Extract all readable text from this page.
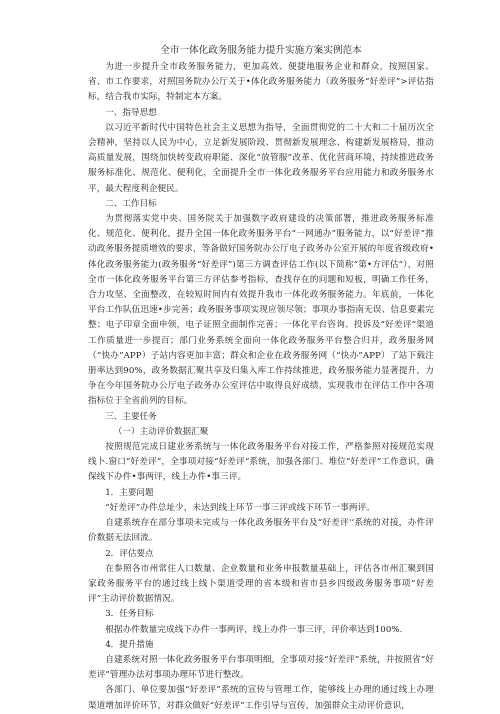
全市一体化政务服务能力提升实施方案实例范本

为进一步提升全市政务服务能力，更加高效、便捷地服务企业和群众，按照国家、省、市工作要求，对照国务院办公厅关于•体化政务服务能力（政务服务“好差评”>评估指标，结合我市实际，特制定本方案。

一、指导思想

以习近平新时代中国特色社会主义思想为指导，全面贯彻党的二十大和二十届历次全会精神，坚持以人民为中心，立足新发展阶段、贯彻新发展理念、构建新发展格局，推动高质量发展，围绕加快转变政府职能、深化“放管服”改革、优化营商环境，持续推进政务服务标准化、规范化、便利化，全面提升全市一体化政务服务平台应用能力和政务服务水平，最大程度利企便民。

二、工作目标

为贯彻落实党中央、国务院关于加强数字政府建设的决策部署，推进政务服务标准化、规范化、便利化，提升全国一体化政务服务平台“一网通办”服务能力，以“好差评”推动政务服务提质增效的要求，等备做好国务院办公厅电子政务办公室开展的年度省级政府•体化政务服务能力(政务服务“好差评”)第三方调查评估工作(以下简称“第•方评估”），对照全市一体化政务服务平台第三方评估参考指标，查找存在的问题和短板，明确工作任务，合力攻坚、全面整改，在较短时间内有效提升我市一体化政务服务能力。年底前，一体化平台工作队伍迅速•步完善；政务服务事项实现应领尽领；事项办事指南无误、信息要素完整；电子印章全面申领，电子证照全面制作完善；一体化平台咨询、投诉及“好差评”渠道工作质量进一步提百；部门业务系统全面向一体化政务服务平台整合归并，政务服务网（“快办”APP）子站内容更加丰富；群众和企业在政务服务网（“快办”APP）了站下载注册率达到90%，政务数据汇聚共享及归集入库工作持续推进，政务服务能力显著提升，力争在今年国务院办公厅电子政务办公室评估中取得良好成绩，实现我市在评估工作中各项指标位于全省前列的目标。

三、主要任务
（一）主动评价数据汇聚

按照规范完成日建业务系统与一体化政务服务平台对接工作，严格参照对接规范实现线卜.窗口“好差评”，全事项对接“好差评”系统，加强各部门、堆位“好差评”工作意识，确保线下办件•事两评，线上办件•事三评。

1．主要问题

“好差评”办件总址少，未达到线上环节一事三评或线下环节一事两评。

自建系统存在部分事项未完成与一体化政务服务平台及“好差评'’系统的对接，办件评价数据无法回流。

2．评估要点

在参照各市州常住人口数量、企业数量和业务申报数量基础上，评估各市州汇聚到国家政务服务平台的通过线上线卜渠道受理的省本级和省市县乡四级政务服务事项“好差评”主动评价数据情况。

3．任务目标

根据办件数量完成线下办件一事两评，线上办件一事三评，评价率达到100%.

4．提升措施

自建系统对照一体化政务服务平台事项明细，全事项对接“好差评”系统，并按照省“好差评”管理办法对事项办理环节进行整改。

各部门、单位要加强“好差评”系统的宣传与管理工作，能够线上办理的通过线上办理渠道增加评价环节，对群众做好“好差评”工作引导与宣传，加强群众主动评价意识，
